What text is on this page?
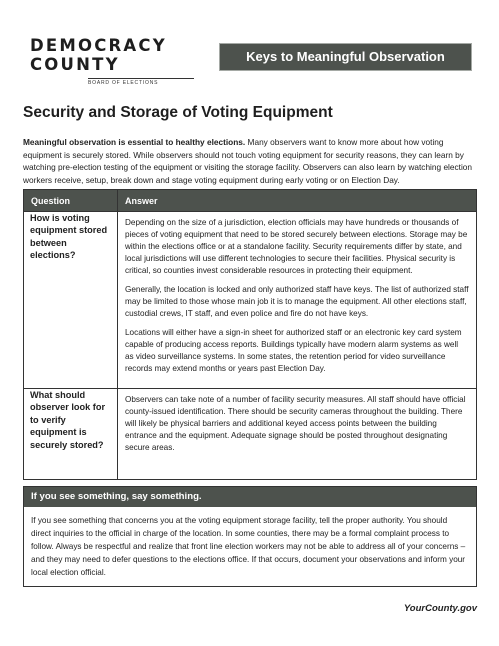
DEMOCRACY
COUNTY
BOARD OF ELECTIONS
Keys to Meaningful Observation
Security and Storage of Voting Equipment

Meaningful observation is essential to healthy elections. Many observers want to know more about how voting equipment is securely stored. While observers should not touch voting equipment for security reasons, they can learn by watching pre-election testing of the equipment or visiting the storage facility. Observers can also learn by watching election workers receive, setup, break down and stage voting equipment during early voting or on Election Day.

Question	Answer
How is voting equipment stored between elections?	Depending on the size of a jurisdiction, election officials may have hundreds or thousands of pieces of voting equipment that need to be stored securely between elections. Storage may be within the elections office or at a standalone facility. Security requirements differ by state, and local jurisdictions will use different technologies to secure their facilities. Physical security is critical, so counties invest considerable resources in protecting their equipment.

Generally, the location is locked and only authorized staff have keys. The list of authorized staff may be limited to those whose main job it is to manage the equipment. All other elections staff, custodial crews, IT staff, and even police and fire do not have keys.

Locations will either have a sign-in sheet for authorized staff or an electronic key card system capable of producing access reports. Buildings typically have modern alarm systems as well as video surveillance systems. In some states, the retention period for video surveillance records may extend months or years past Election Day.

What should observer look for to verify equipment is securely stored?	Observers can take note of a number of facility security measures. All staff should have official county-issued identification. There should be security cameras throughout the building. There will likely be physical barriers and additional keyed access points between the building entrance and the equipment. Adequate signage should be posted throughout designating secure areas.

If you see something, say something.

If you see something that concerns you at the voting equipment storage facility, tell the proper authority. You should direct inquiries to the official in charge of the location. In some counties, there may be a formal complaint process to follow. Always be respectful and realize that front line election workers may not be able to address all of your concerns – and they may need to defer questions to the elections office. If that occurs, document your observations and inform your local election official.

YourCounty.gov
